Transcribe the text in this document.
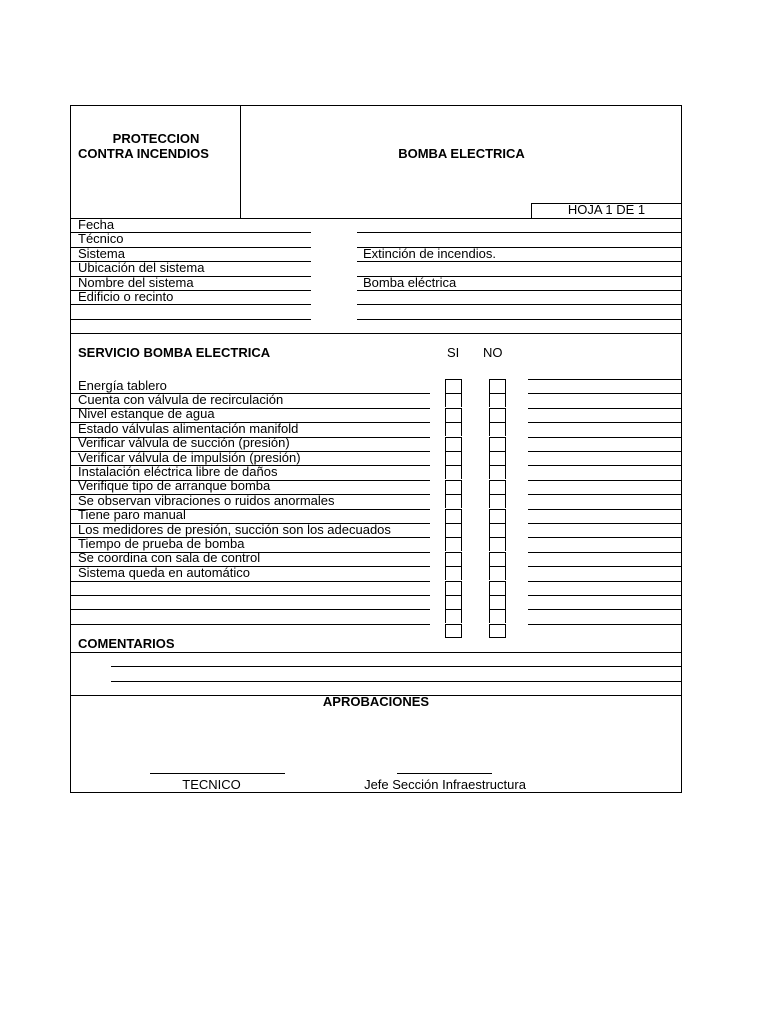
PROTECCION
CONTRA INCENDIOS	BOMBA ELECTRICA
HOJA 1 DE 1
SERVICIO BOMBA ELECTRICA	SI NO
COMENTARIOS
APROBACIONES
TECNICO	Jefe Sección Infraestructura
Fecha
Técnico
Sistema	Extinción de incendios.
Ubicación del sistema
Nombre del sistema	Bomba eléctrica
Edificio o recinto
Energía tablero
Cuenta con válvula de recirculación
Nivel estanque de agua
Estado válvulas alimentación manifold
Verificar válvula de succión (presión)
Verificar válvula de impulsión (presión)
Instalación eléctrica libre de daños
Verifique tipo de arranque bomba
Se observan vibraciones o ruidos anormales
Tiene paro manual
Los medidores de presión, succión son los adecuados
Tiempo de prueba de bomba
Se coordina con sala de control
Sistema queda en automático
